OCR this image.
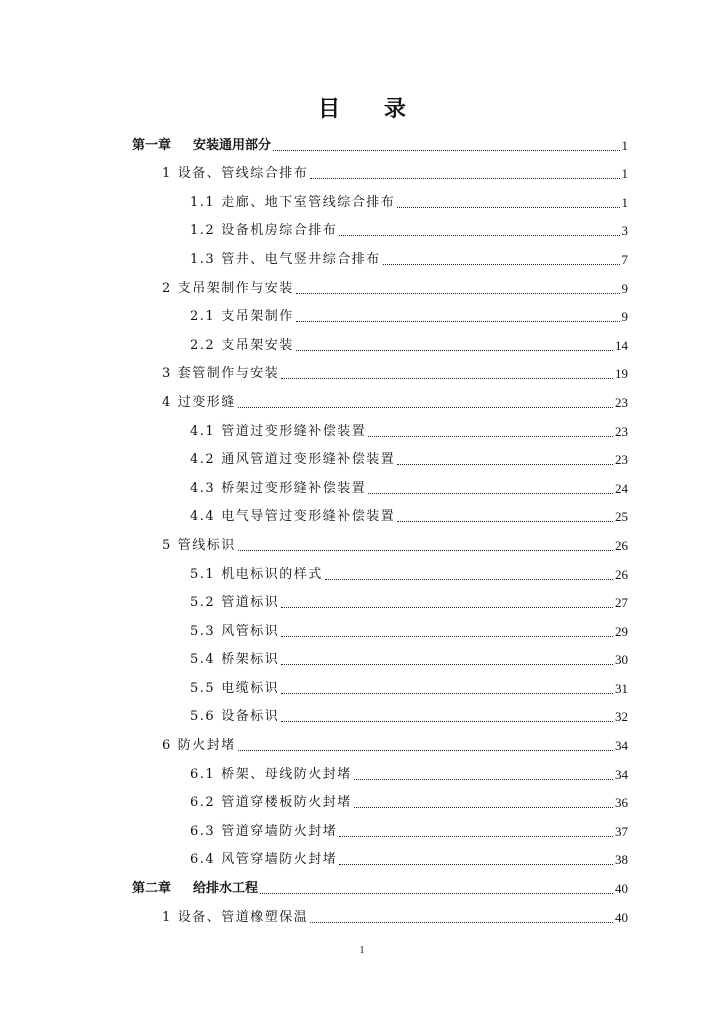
目 录
第一章 安装通用部分	1
1 设备、管线综合排布	1
1.1 走廊、地下室管线综合排布	1
1.2 设备机房综合排布	3
1.3 管井、电气竖井综合排布	7
2 支吊架制作与安装	9
2.1 支吊架制作	9
2.2 支吊架安装	14
3 套管制作与安装	19
4 过变形缝	23
4.1 管道过变形缝补偿装置	23
4.2 通风管道过变形缝补偿装置	23
4.3 桥架过变形缝补偿装置	24
4.4 电气导管过变形缝补偿装置	25
5 管线标识	26
5.1 机电标识的样式	26
5.2 管道标识	27
5.3 风管标识	29
5.4 桥架标识	30
5.5 电缆标识	31
5.6 设备标识	32
6 防火封堵	34
6.1 桥架、母线防火封堵	34
6.2 管道穿楼板防火封堵	36
6.3 管道穿墙防火封堵	37
6.4 风管穿墙防火封堵	38
第二章 给排水工程	40
1 设备、管道橡塑保温	40
1
